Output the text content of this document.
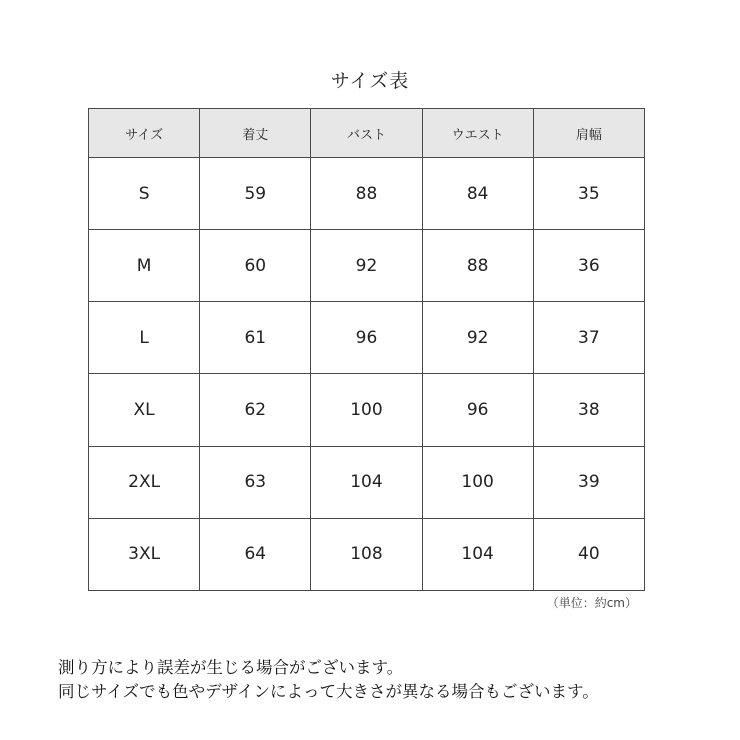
サイズ表
サイズ	着丈	バスト	ウエスト	肩幅
S	59	88	84	35
M	60	92	88	36
L	61	96	92	37
XL	62	100	96	38
2XL	63	104	100	39
3XL	64	108	104	40
（単位：約cm）
測り方により誤差が生じる場合がございます。
同じサイズでも色やデザインによって大きさが異なる場合もございます。
